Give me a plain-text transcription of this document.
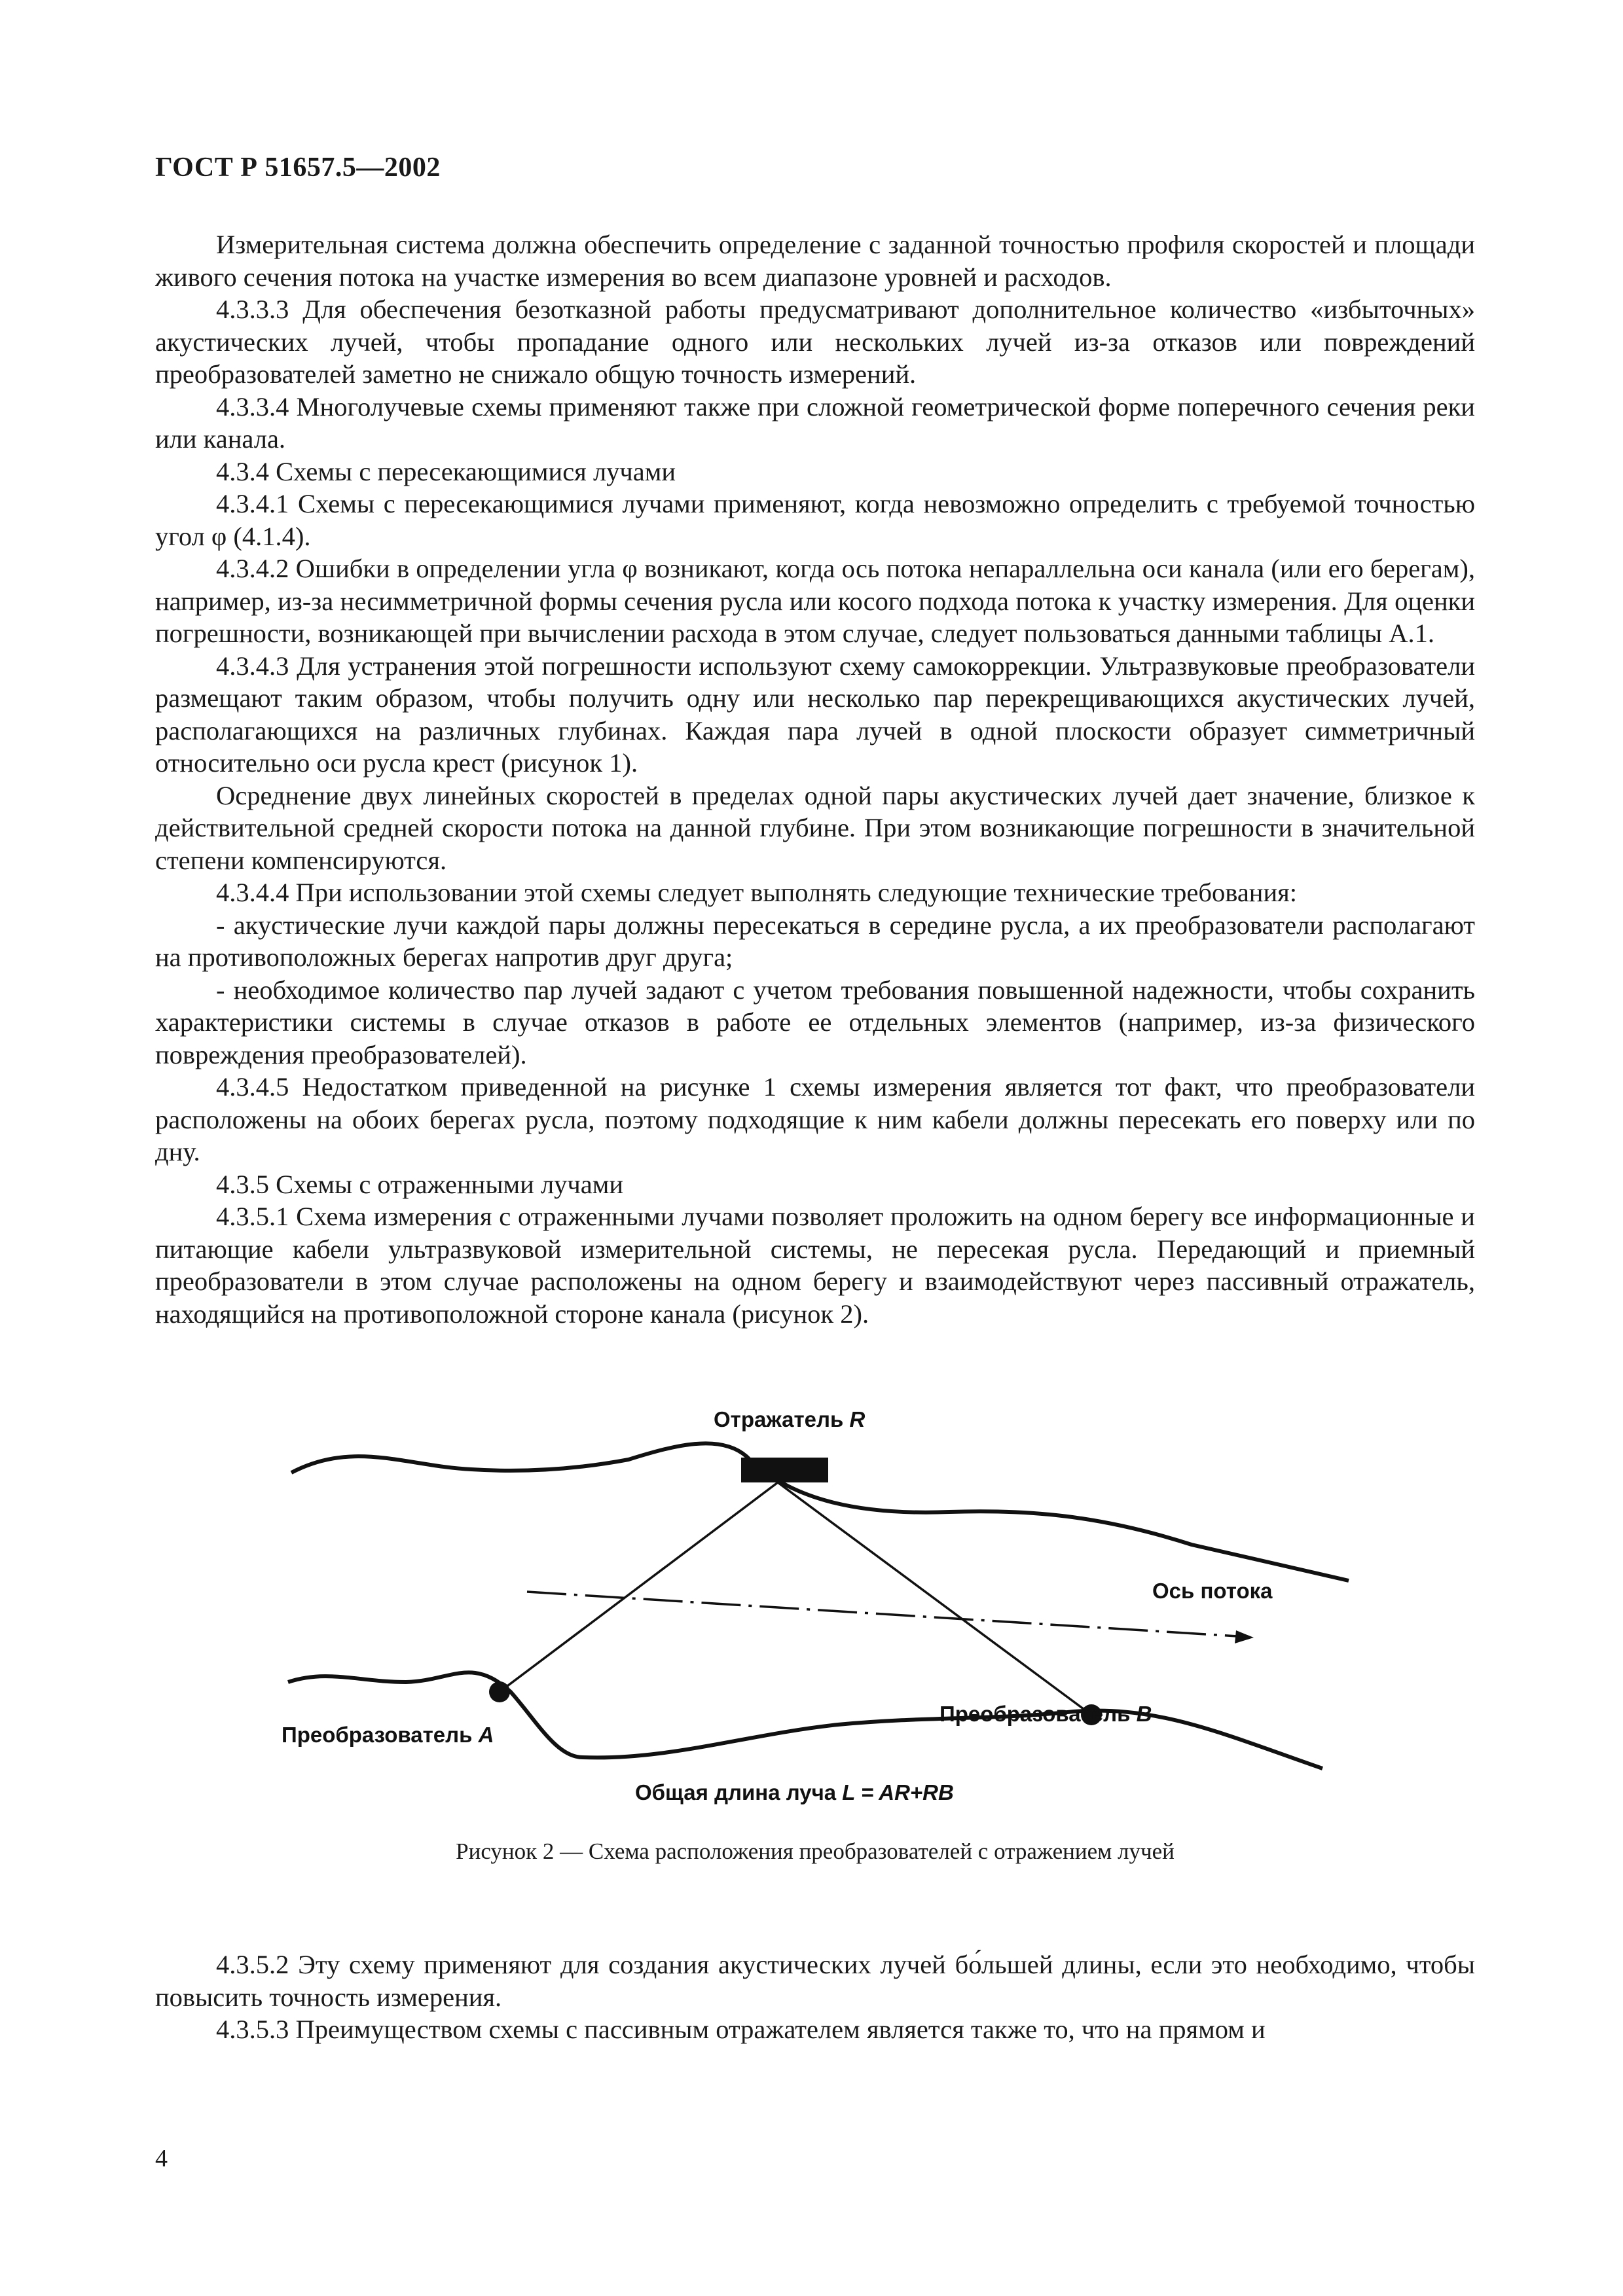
ГОСТ Р 51657.5—2002

Измерительная система должна обеспечить определение с заданной точностью профиля скоростей и площади живого сечения потока на участке измерения во всем диапазоне уровней и расходов.

4.3.3.3 Для обеспечения безотказной работы предусматривают дополнительное количество «избыточных» акустических лучей, чтобы пропадание одного или нескольких лучей из-за отказов или повреждений преобразователей заметно не снижало общую точность измерений.

4.3.3.4 Многолучевые схемы применяют также при сложной геометрической форме поперечного сечения реки или канала.

4.3.4 Схемы с пересекающимися лучами

4.3.4.1 Схемы с пересекающимися лучами применяют, когда невозможно определить с требуемой точностью угол φ (4.1.4).

4.3.4.2 Ошибки в определении угла φ возникают, когда ось потока непараллельна оси канала (или его берегам), например, из-за несимметричной формы сечения русла или косого подхода потока к участку измерения. Для оценки погрешности, возникающей при вычислении расхода в этом случае, следует пользоваться данными таблицы А.1.

4.3.4.3 Для устранения этой погрешности используют схему самокоррекции. Ультразвуковые преобразователи размещают таким образом, чтобы получить одну или несколько пар перекрещивающихся акустических лучей, располагающихся на различных глубинах. Каждая пара лучей в одной плоскости образует симметричный относительно оси русла крест (рисунок 1).

Осреднение двух линейных скоростей в пределах одной пары акустических лучей дает значение, близкое к действительной средней скорости потока на данной глубине. При этом возникающие погрешности в значительной степени компенсируются.

4.3.4.4 При использовании этой схемы следует выполнять следующие технические требования:

- акустические лучи каждой пары должны пересекаться в середине русла, а их преобразователи располагают на противоположных берегах напротив друг друга;

- необходимое количество пар лучей задают с учетом требования повышенной надежности, чтобы сохранить характеристики системы в случае отказов в работе ее отдельных элементов (например, из-за физического повреждения преобразователей).

4.3.4.5 Недостатком приведенной на рисунке 1 схемы измерения является тот факт, что преобразователи расположены на обоих берегах русла, поэтому подходящие к ним кабели должны пересекать его поверху или по дну.

4.3.5 Схемы с отраженными лучами

4.3.5.1 Схема измерения с отраженными лучами позволяет проложить на одном берегу все информационные и питающие кабели ультразвуковой измерительной системы, не пересекая русла. Передающий и приемный преобразователи в этом случае расположены на одном берегу и взаимодействуют через пассивный отражатель, находящийся на противоположной стороне канала (рисунок 2).

Отражатель R
Ось потока
Преобразователь B
Преобразователь A
Общая длина луча L = AR+RB
Рисунок 2 — Схема расположения преобразователей с отражением лучей

4.3.5.2 Эту схему применяют для создания акустических лучей бо́льшей длины, если это необходимо, чтобы повысить точность измерения.

4.3.5.3 Преимуществом схемы с пассивным отражателем является также то, что на прямом и

4
